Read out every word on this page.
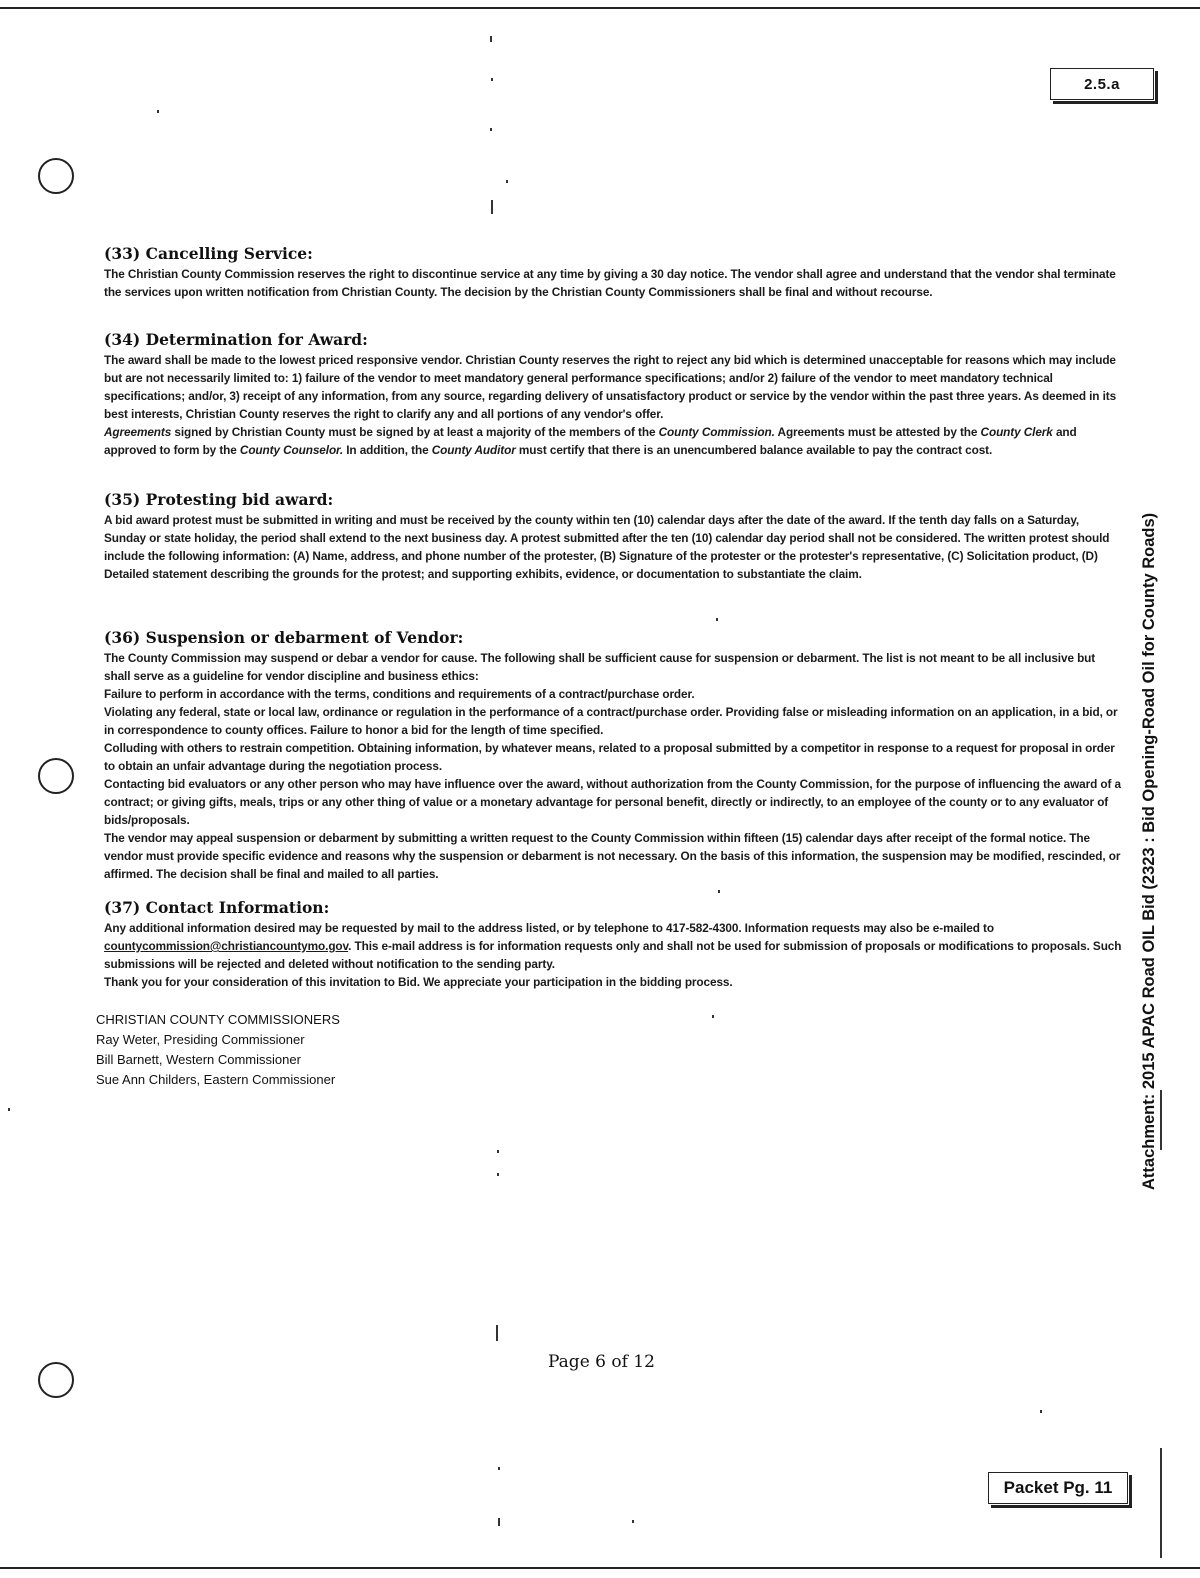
2.5.a
(33) Cancelling Service:

The Christian County Commission reserves the right to discontinue service at any time by giving a 30 day notice. The vendor shall agree and understand that the vendor shal terminate the services upon written notification from Christian County. The decision by the Christian County Commissioners shall be final and without recourse.

(34) Determination for Award:

The award shall be made to the lowest priced responsive vendor. Christian County reserves the right to reject any bid which is determined unacceptable for reasons which may include but are not necessarily limited to: 1) failure of the vendor to meet mandatory general performance specifications; and/or 2) failure of the vendor to meet mandatory technical specifications; and/or, 3) receipt of any information, from any source, regarding delivery of unsatisfactory product or service by the vendor within the past three years. As deemed in its best interests, Christian County reserves the right to clarify any and all portions of any vendor's offer.

Agreements signed by Christian County must be signed by at least a majority of the members of the County Commission. Agreements must be attested by the County Clerk and approved to form by the County Counselor. In addition, the County Auditor must certify that there is an unencumbered balance available to pay the contract cost.

(35) Protesting bid award:

A bid award protest must be submitted in writing and must be received by the county within ten (10) calendar days after the date of the award. If the tenth day falls on a Saturday, Sunday or state holiday, the period shall extend to the next business day. A protest submitted after the ten (10) calendar day period shall not be considered. The written protest should include the following information: (A) Name, address, and phone number of the protester, (B) Signature of the protester or the protester's representative, (C) Solicitation product, (D) Detailed statement describing the grounds for the protest; and supporting exhibits, evidence, or documentation to substantiate the claim.

(36) Suspension or debarment of Vendor:

The County Commission may suspend or debar a vendor for cause. The following shall be sufficient cause for suspension or debarment. The list is not meant to be all inclusive but shall serve as a guideline for vendor discipline and business ethics:

Failure to perform in accordance with the terms, conditions and requirements of a contract/purchase order.

Violating any federal, state or local law, ordinance or regulation in the performance of a contract/purchase order. Providing false or misleading information on an application, in a bid, or in correspondence to county offices. Failure to honor a bid for the length of time specified.

Colluding with others to restrain competition. Obtaining information, by whatever means, related to a proposal submitted by a competitor in response to a request for proposal in order to obtain an unfair advantage during the negotiation process.

Contacting bid evaluators or any other person who may have influence over the award, without authorization from the County Commission, for the purpose of influencing the award of a contract; or giving gifts, meals, trips or any other thing of value or a monetary advantage for personal benefit, directly or indirectly, to an employee of the county or to any evaluator of bids/proposals.

The vendor may appeal suspension or debarment by submitting a written request to the County Commission within fifteen (15) calendar days after receipt of the formal notice. The vendor must provide specific evidence and reasons why the suspension or debarment is not necessary. On the basis of this information, the suspension may be modified, rescinded, or affirmed. The decision shall be final and mailed to all parties.

(37) Contact Information:

Any additional information desired may be requested by mail to the address listed, or by telephone to 417-582-4300. Information requests may also be e-mailed to countycommission@christiancountymo.gov. This e-mail address is for information requests only and shall not be used for submission of proposals or modifications to proposals. Such submissions will be rejected and deleted without notification to the sending party.

Thank you for your consideration of this invitation to Bid. We appreciate your participation in the bidding process.

CHRISTIAN COUNTY COMMISSIONERS
Ray Weter, Presiding Commissioner
Bill Barnett, Western Commissioner
Sue Ann Childers, Eastern Commissioner
Page 6 of 12
Attachment: 2015 APAC Road OIL Bid (2323 : Bid Opening-Road Oil for County Roads)
Packet Pg. 11
